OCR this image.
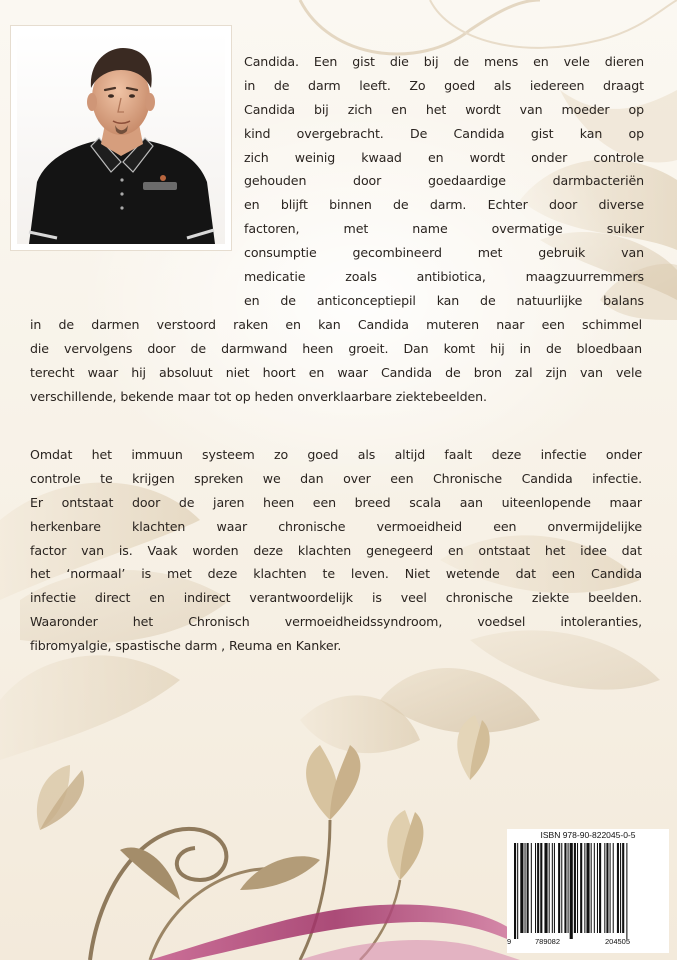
Candida. Een gist die bij de mens en vele dieren
in de darm leeft. Zo goed als iedereen draagt
Candida bij zich en het wordt van moeder op
kind overgebracht. De Candida gist kan op
zich weinig kwaad en wordt onder controle
gehouden door goedaardige darmbacteriën
en blijft binnen de darm. Echter door diverse
factoren, met name overmatige suiker
consumptie gecombineerd met gebruik van
medicatie zoals antibiotica, maagzuurremmers
en de anticonceptiepil kan de natuurlijke balans
in de darmen verstoord raken en kan Candida muteren naar een schimmel
die vervolgens door de darmwand heen groeit. Dan komt hij in de bloedbaan
terecht waar hij absoluut niet hoort en waar Candida de bron zal zijn van vele
verschillende, bekende maar tot op heden onverklaarbare ziektebeelden.
Omdat het immuun systeem zo goed als altijd faalt deze infectie onder
controle te krijgen spreken we dan over een Chronische Candida infectie.
Er ontstaat door de jaren heen een breed scala aan uiteenlopende maar
herkenbare klachten waar chronische vermoeidheid een onvermijdelijke
factor van is. Vaak worden deze klachten genegeerd en ontstaat het idee dat
het ‘normaal’ is met deze klachten te leven. Niet wetende dat een Candida
infectie direct en indirect verantwoordelijk is veel chronische ziekte beelden.
Waaronder het Chronisch vermoeidheidssyndroom, voedsel intoleranties,
fibromyalgie, spastische darm , Reuma en Kanker.
ISBN 978-90-822045-0-5
9	789082	204505
